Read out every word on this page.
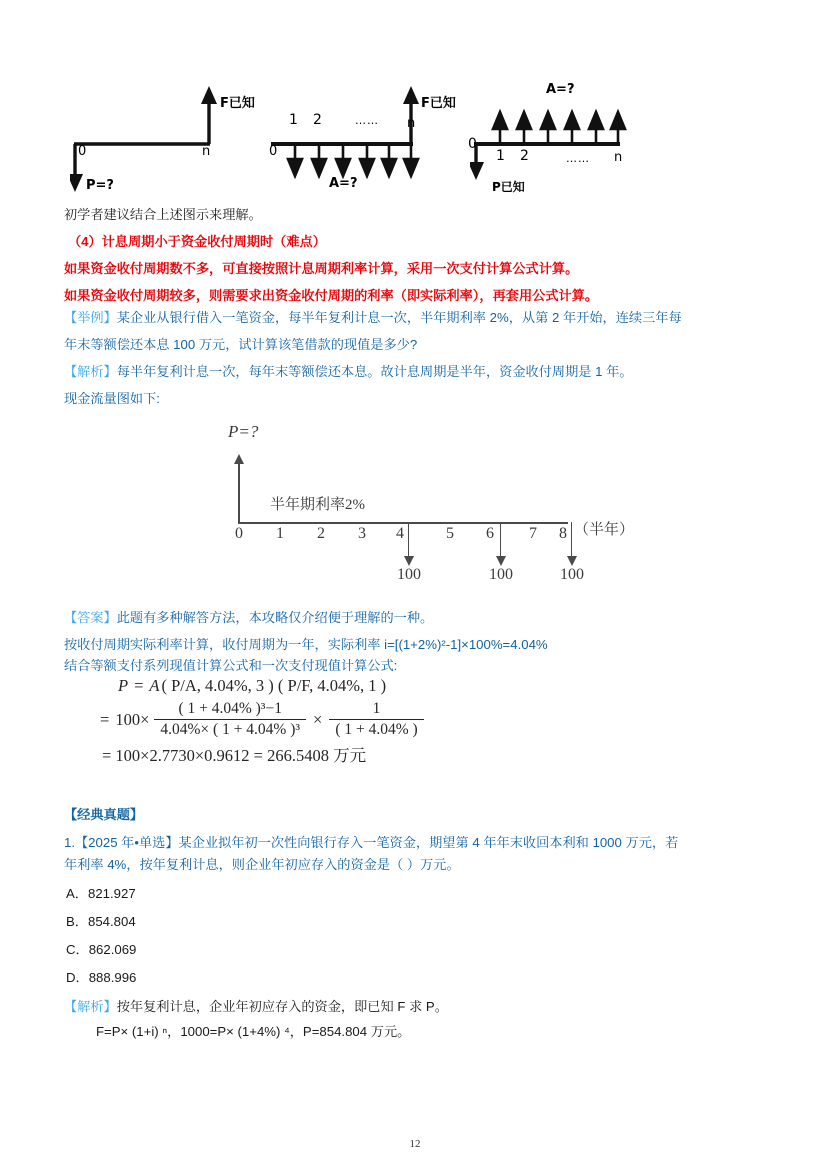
F已知
0	n
P=?
F已知
0
1 2	…… n
A=?
A=?
0
1 2	…… n
P已知
初学者建议结合上述图示来理解。
（4）计息周期小于资金收付周期时（难点）
如果资金收付周期数不多，可直接按照计息周期利率计算，采用一次支付计算公式计算。
如果资金收付周期较多，则需要求出资金收付周期的利率（即实际利率），再套用公式计算。
【举例】某企业从银行借入一笔资金，每半年复利计息一次，半年期利率 2%，从第 2 年开始，连续三年每
年末等额偿还本息 100 万元，试计算该笔借款的现值是多少?
【解析】每半年复利计息一次，每年末等额偿还本息。故计息周期是半年，资金收付周期是 1 年。
现金流量图如下:
P=?
半年期利率2%
0 1 2 3 4	5 6 7 8 （半年）
100	100	100
【答案】此题有多种解答方法，本攻略仅介绍便于理解的一种。
按收付周期实际利率计算，收付周期为一年，实际利率 i=[(1+2%)²-1]×100%=4.04%
结合等额支付系列现值计算公式和一次支付现值计算公式:
P = A ( P/A, 4.04%, 3 ) ( P/F, 4.04%, 1 )
= $100\times \frac{\text{( 1 + 4.04\% )³−1}}{\text{4.04\%× ( 1 + 4.04\% )³}} \times \frac{1}{( 1 + 4.04\% )}$
= 100×2.7730×0.9612 = 266.5408 万元
【经典真题】
1.【2025 年•单选】某企业拟年初一次性向银行存入一笔资金，期望第 4 年年末收回本利和 1000 万元，若
年利率 4%，按年复利计息，则企业年初应存入的资金是（ ）万元。
A．821.927
B．854.804
C．862.069
D．888.996
【解析】按年复利计息，企业年初应存入的资金，即已知 F 求 P。
F=P× (1+i) ⁿ，1000=P× (1+4%) ⁴，P=854.804 万元。
12
